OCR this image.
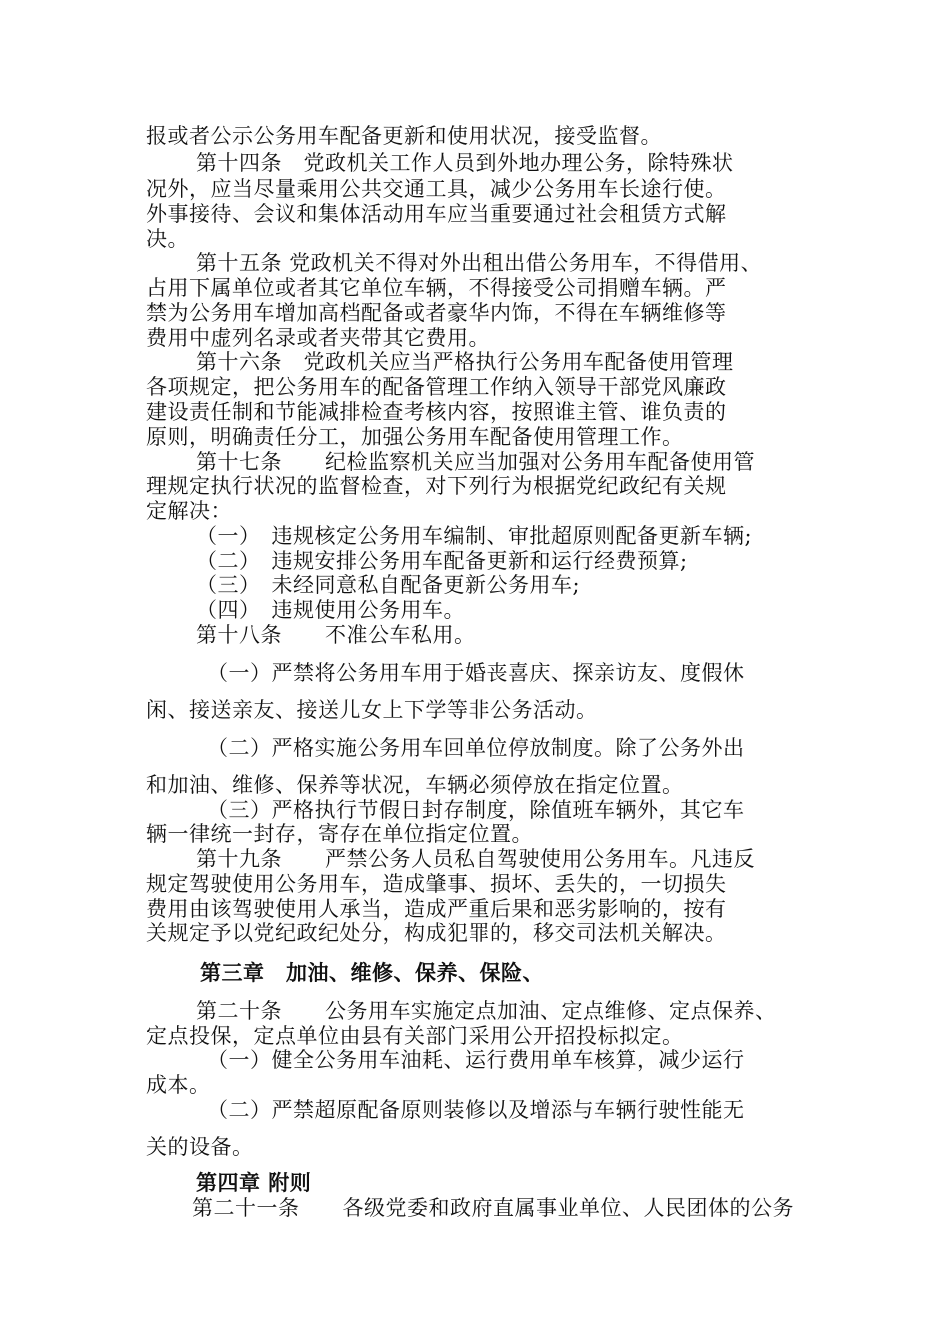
报或者公示公务用车配备更新和使用状况，接受监督。
第十四条　党政机关工作人员到外地办理公务，除特殊状
况外，应当尽量乘用公共交通工具，减少公务用车长途行使。
外事接待、会议和集体活动用车应当重要通过社会租赁方式解
决。
第十五条 党政机关不得对外出租出借公务用车，不得借用、
占用下属单位或者其它单位车辆，不得接受公司捐赠车辆。严
禁为公务用车增加高档配备或者豪华内饰，不得在车辆维修等
费用中虚列名录或者夹带其它费用。
第十六条　党政机关应当严格执行公务用车配备使用管理
各项规定，把公务用车的配备管理工作纳入领导干部党风廉政
建设责任制和节能减排检查考核内容，按照谁主管、谁负责的
原则，明确责任分工，加强公务用车配备使用管理工作。
第十七条　　纪检监察机关应当加强对公务用车配备使用管
理规定执行状况的监督检查，对下列行为根据党纪政纪有关规
定解决：
（一）　违规核定公务用车编制、审批超原则配备更新车辆;
（二）　违规安排公务用车配备更新和运行经费预算;
（三）　未经同意私自配备更新公务用车;
（四）　违规使用公务用车。
第十八条　　不准公车私用。
（一）严禁将公务用车用于婚丧喜庆、探亲访友、度假休
闲、接送亲友、接送儿女上下学等非公务活动。
（二）严格实施公务用车回单位停放制度。除了公务外出
和加油、维修、保养等状况，车辆必须停放在指定位置。
（三）严格执行节假日封存制度，除值班车辆外，其它车
辆一律统一封存，寄存在单位指定位置。
第十九条　　严禁公务人员私自驾驶使用公务用车。凡违反
规定驾驶使用公务用车，造成肇事、损坏、丢失的，一切损失
费用由该驾驶使用人承当，造成严重后果和恶劣影响的，按有
关规定予以党纪政纪处分，构成犯罪的，移交司法机关解决。
第三章　加油、维修、保养、保险、
第二十条　　公务用车实施定点加油、定点维修、定点保养、
定点投保，定点单位由县有关部门采用公开招投标拟定。
（一）健全公务用车油耗、运行费用单车核算，减少运行
成本。
（二）严禁超原配备原则装修以及增添与车辆行驶性能无
关的设备。
第四章 附则
第二十一条　　各级党委和政府直属事业单位、人民团体的公务
